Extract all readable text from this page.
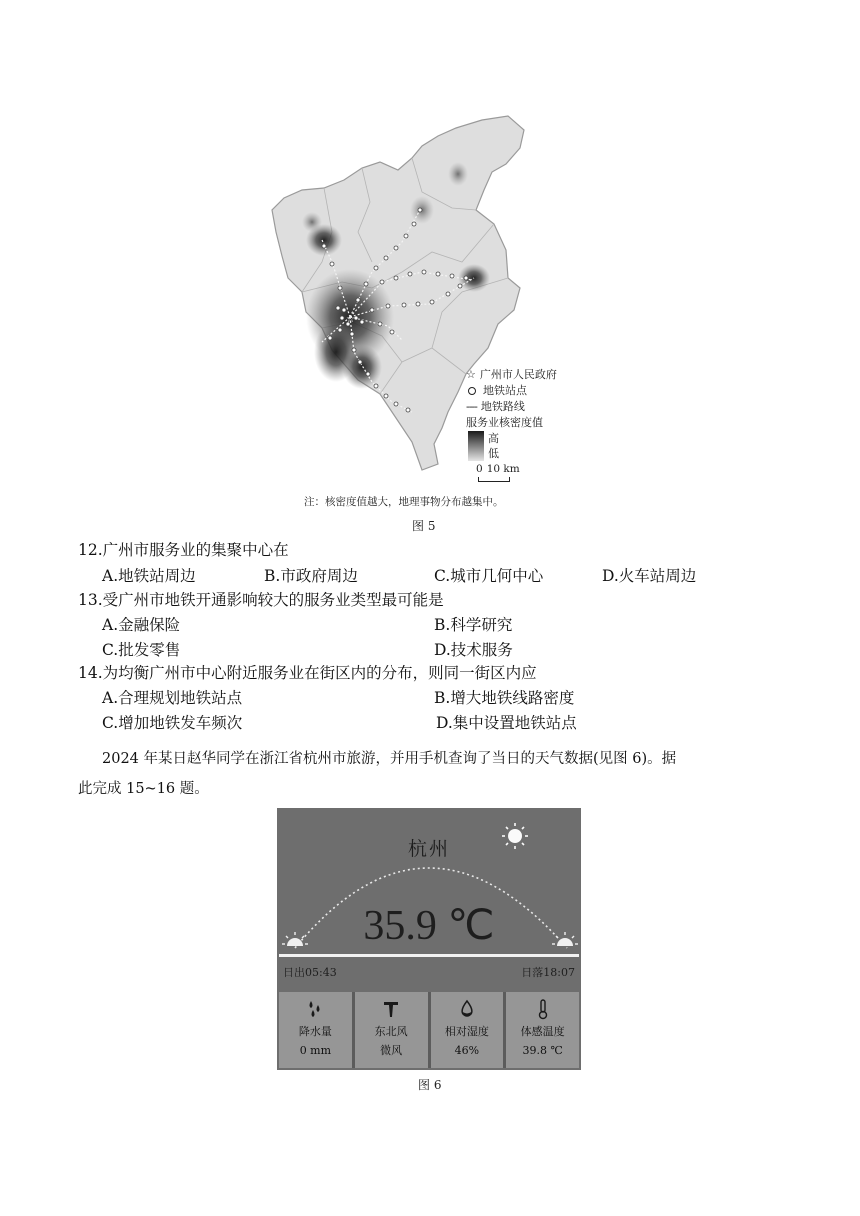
☆
☆ 广州市人民政府
地铁站点
---- 地铁路线
服务业核密度值
高
低
0 10 km
注：核密度值越大，地理事物分布越集中。
图 5
12.广州市服务业的集聚中心在
A.地铁站周边	B.市政府周边	C.城市几何中心	D.火车站周边
13.受广州市地铁开通影响较大的服务业类型最可能是
A.金融保险	B.科学研究
C.批发零售	D.技术服务
14.为均衡广州市中心附近服务业在街区内的分布，则同一街区内应
A.合理规划地铁站点	B.增大地铁线路密度
C.增加地铁发车频次	D.集中设置地铁站点
2024 年某日赵华同学在浙江省杭州市旅游，并用手机查询了当日的天气数据(见图 6)。据
此完成 15~16 题。
杭州
35.9 ℃
日出05:43	日落18:07
降水量
0 mm
东北风
微风
相对湿度
46%
体感温度
39.8 ℃
图 6
